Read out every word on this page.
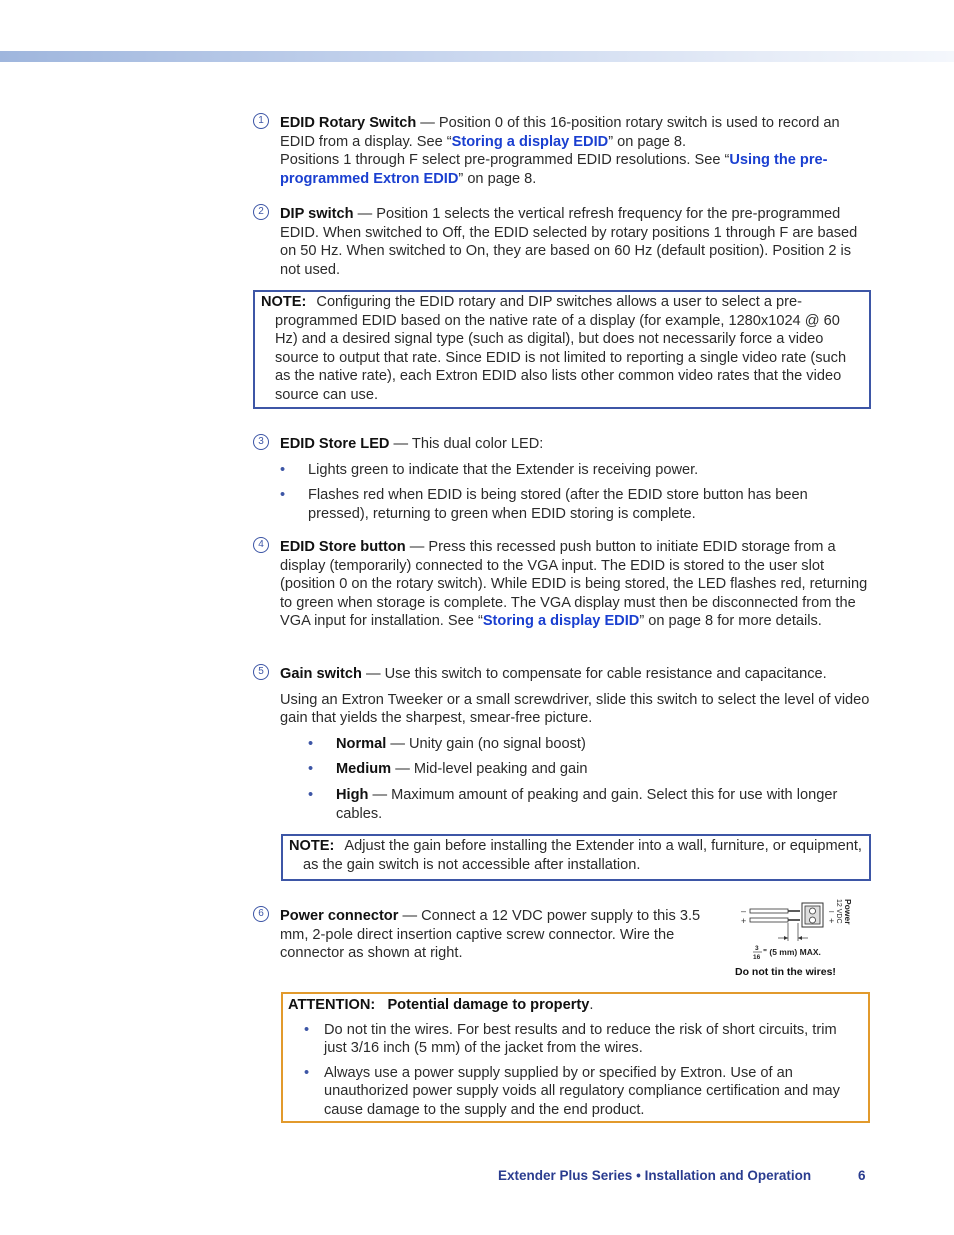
1	EDID Rotary Switch — Position 0 of this 16-position rotary switch is used to record an EDID from a display. See “Storing a display EDID” on page 8.

Positions 1 through F select pre-programmed EDID resolutions. See “Using the pre-programmed Extron EDID” on page 8.

2	DIP switch — Position 1 selects the vertical refresh frequency for the pre-programmed EDID. When switched to Off, the EDID selected by rotary positions 1 through F are based on 50 Hz. When switched to On, they are based on 60 Hz (default position). Position 2 is not used.

NOTE: Configuring the EDID rotary and DIP switches allows a user to select a pre-programmed EDID based on the native rate of a display (for example, 1280x1024 @ 60 Hz) and a desired signal type (such as digital), but does not necessarily force a video source to output that rate. Since EDID is not limited to reporting a single video rate (such as the native rate), each Extron EDID also lists other common video rates that the video source can use.

3	EDID Store LED — This dual color LED:

• Lights green to indicate that the Extender is receiving power.
• Flashes red when EDID is being stored (after the EDID store button has been pressed), returning to green when EDID storing is complete.
4	EDID Store button — Press this recessed push button to initiate EDID storage from a display (temporarily) connected to the VGA input. The EDID is stored to the user slot (position 0 on the rotary switch). While EDID is being stored, the LED flashes red, returning to green when storage is complete. The VGA display must then be disconnected from the VGA input for installation. See “Storing a display EDID” on page 8 for more details.

5	Gain switch — Use this switch to compensate for cable resistance and capacitance.

Using an Extron Tweeker or a small screwdriver, slide this switch to select the level of video gain that yields the sharpest, smear-free picture.

• Normal — Unity gain (no signal boost)
• Medium — Mid-level peaking and gain
• High — Maximum amount of peaking and gain. Select this for use with longer cables.

NOTE: Adjust the gain before installing the Extender into a wall, furniture, or equipment, as the gain switch is not accessible after installation.

6	Power connector — Connect a 12 VDC power supply to this 3.5 mm, 2-pole direct insertion captive screw connector. Wire the connector as shown at right.

–
+
–
+ Power
12 VDC
3
16
" (5 mm) MAX.
Do not tin the wires!

ATTENTION: Potential damage to property.

• Do not tin the wires. For best results and to reduce the risk of short circuits, trim just 3/16 inch (5 mm) of the jacket from the wires.
• Always use a power supply supplied by or specified by Extron. Use of an unauthorized power supply voids all regulatory compliance certification and may cause damage to the supply and the end product.
Extender Plus Series • Installation and Operation	6
